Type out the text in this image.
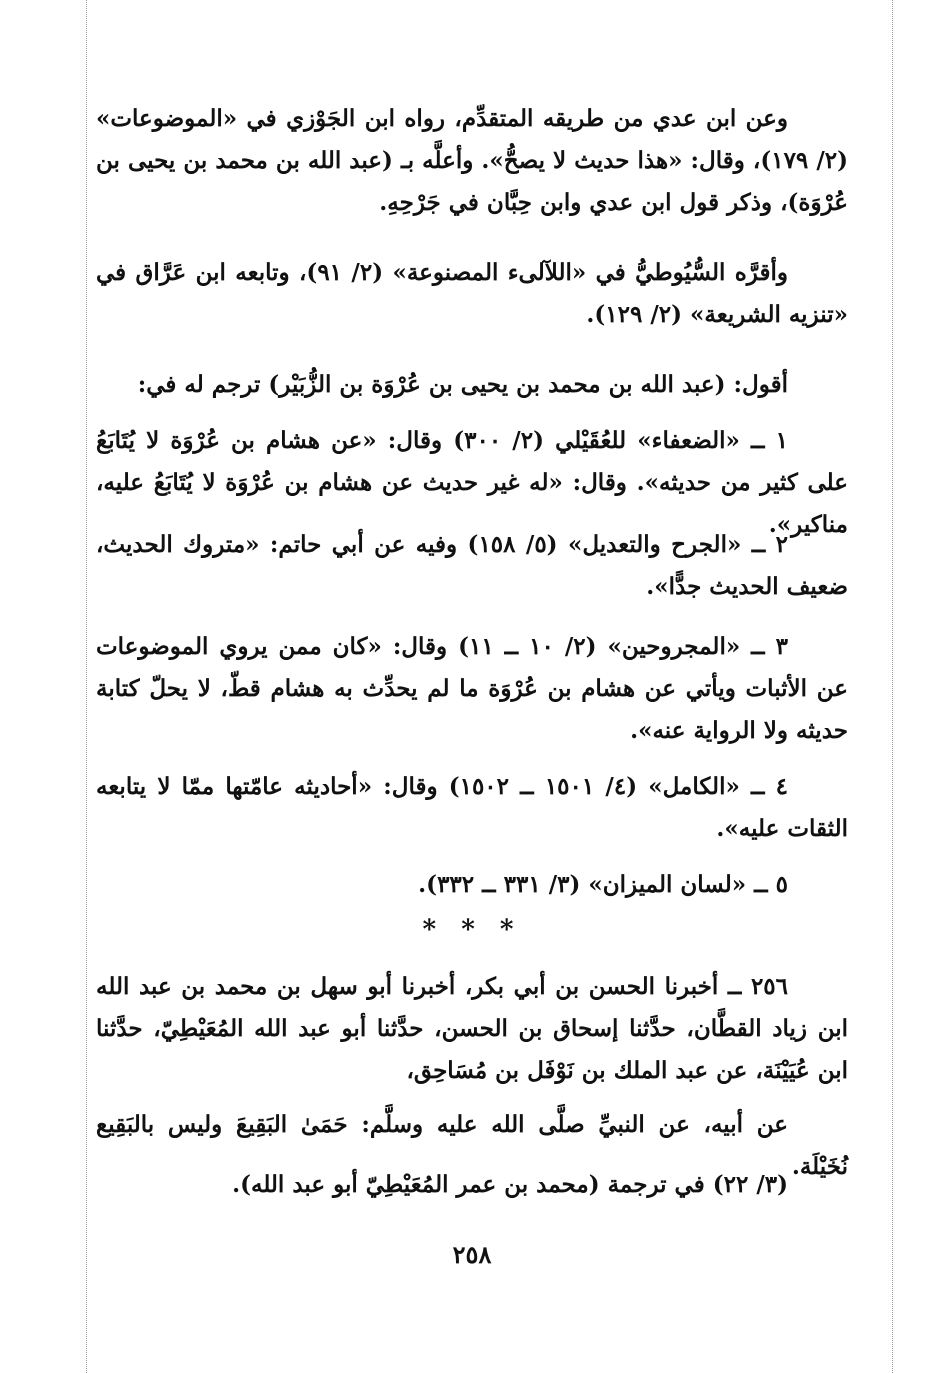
وعن ابن عدي من طريقه المتقدِّم، رواه ابن الجَوْزي في «الموضوعات» (٢/ ١٧٩)، وقال: «هذا حديث لا يصحُّ». وأعلَّه بـ (عبد الله بن محمد بن يحيى بن عُرْوَة)، وذكر قول ابن عدي وابن حِبَّان في جَرْحِهِ.

وأقرَّه السُّيُوطيُّ في «اللآلىء المصنوعة» (٢/ ٩١)، وتابعه ابن عَرَّاق في «تنزيه الشريعة» (٢/ ١٢٩).

أقول: (عبد الله بن محمد بن يحيى بن عُرْوَة بن الزُّبَيْر) ترجم له في:

١ ــ «الضعفاء» للعُقَيْلي (٢/ ٣٠٠) وقال: «عن هشام بن عُرْوَة لا يُتَابَعُ على كثير من حديثه». وقال: «له غير حديث عن هشام بن عُرْوَة لا يُتَابَعُ عليه، مناكير».

٢ ــ «الجرح والتعديل» (٥/ ١٥٨) وفيه عن أبي حاتم: «متروك الحديث، ضعيف الحديث جدًّا».

٣ ــ «المجروحين» (٢/ ١٠ ــ ١١) وقال: «كان ممن يروي الموضوعات عن الأثبات ويأتي عن هشام بن عُرْوَة ما لم يحدِّث به هشام قطّ، لا يحلّ كتابة حديثه ولا الرواية عنه».

٤ ــ «الكامل» (٤/ ١٥٠١ ــ ١٥٠٢) وقال: «أحاديثه عامّتها ممّا لا يتابعه الثقات عليه».

٥ ــ «لسان الميزان» (٣/ ٣٣١ ــ ٣٣٢).

* * *

٢٥٦ ــ أخبرنا الحسن بن أبي بكر، أخبرنا أبو سهل بن محمد بن عبد الله ابن زياد القطَّان، حدَّثنا إسحاق بن الحسن، حدَّثنا أبو عبد الله المُعَيْطِيّ، حدَّثنا ابن عُيَيْنَة، عن عبد الملك بن نَوْفَل بن مُسَاحِق،

عن أبيه، عن النبيِّ صلَّى الله عليه وسلَّم: حَمَىٰ البَقِيعَ وليس بالبَقِيع نُخَيْلَة.

(٣/ ٢٢) في ترجمة (محمد بن عمر المُعَيْطِيّ أبو عبد الله).

٢٥٨
